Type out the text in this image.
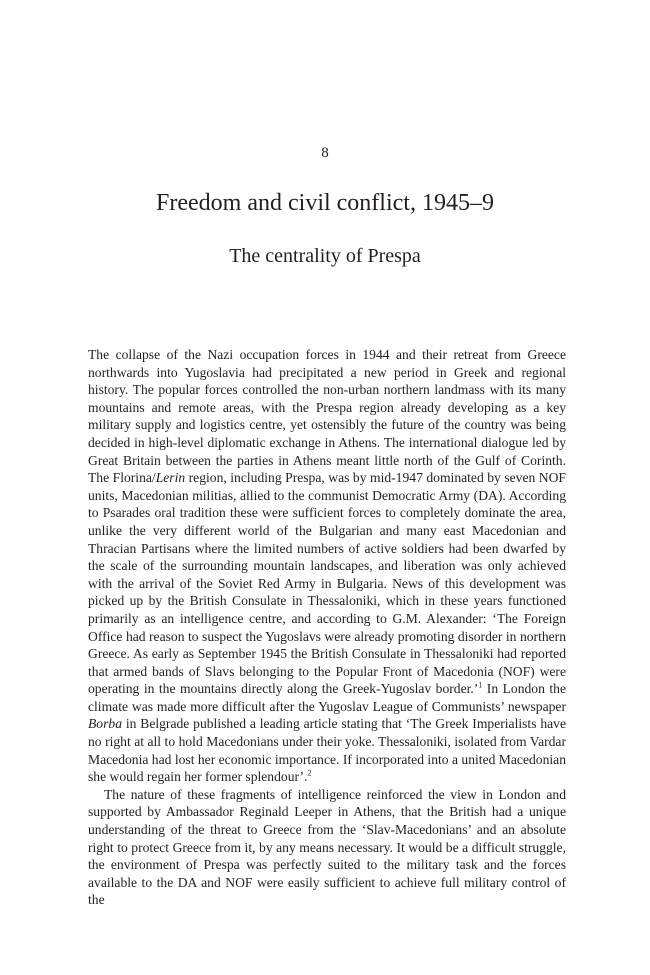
8
Freedom and civil conflict, 1945–9
The centrality of Prespa

The collapse of the Nazi occupation forces in 1944 and their retreat from Greece northwards into Yugoslavia had precipitated a new period in Greek and regional history. The popular forces controlled the non-urban northern landmass with its many mountains and remote areas, with the Prespa region already developing as a key military supply and logistics centre, yet ostensibly the future of the country was being decided in high-level diplomatic exchange in Athens. The international dialogue led by Great Britain between the parties in Athens meant little north of the Gulf of Corinth. The Florina/Lerin region, including Prespa, was by mid-1947 dominated by seven NOF units, Macedonian militias, allied to the communist Democratic Army (DA). According to Psarades oral tradition these were sufficient forces to completely dominate the area, unlike the very different world of the Bulgarian and many east Macedonian and Thracian Partisans where the limited numbers of active soldiers had been dwarfed by the scale of the surrounding mountain landscapes, and liberation was only achieved with the arrival of the Soviet Red Army in Bulgaria. News of this development was picked up by the British Consulate in Thessaloniki, which in these years functioned primarily as an intelligence centre, and according to G.M. Alexander: ‘The Foreign Office had reason to suspect the Yugoslavs were already promoting disorder in northern Greece. As early as September 1945 the British Consulate in Thessaloniki had reported that armed bands of Slavs belonging to the Popular Front of Macedonia (NOF) were operating in the mountains directly along the Greek-Yugoslav border.’$^1$ In London the climate was made more difficult after the Yugoslav League of Communists’ newspaper Borba in Belgrade published a leading article stating that ‘The Greek Imperialists have no right at all to hold Macedonians under their yoke. Thessaloniki, isolated from Vardar Macedonia had lost her economic importance. If incorporated into a united Macedonian she would regain her former splendour’.$^2$

The nature of these fragments of intelligence reinforced the view in London and supported by Ambassador Reginald Leeper in Athens, that the British had a unique understanding of the threat to Greece from the ‘Slav-Macedonians’ and an absolute right to protect Greece from it, by any means necessary. It would be a difficult struggle, the environment of Prespa was perfectly suited to the military task and the forces available to the DA and NOF were easily sufficient to achieve full military control of the
